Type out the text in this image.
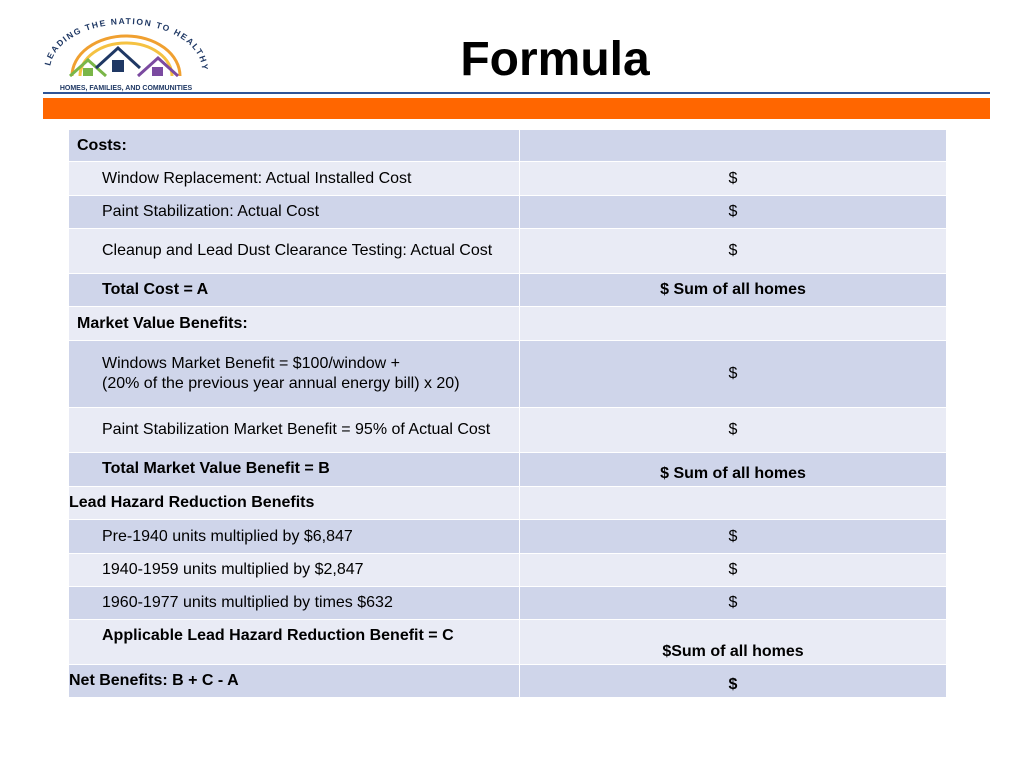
LEADING THE NATION TO HEALTHY
HOMES, FAMILIES, AND COMMUNITIES
Formula
Costs:	
Window Replacement: Actual Installed Cost	$
Paint Stabilization: Actual Cost	$
Cleanup and Lead Dust Clearance Testing: Actual Cost	$
Total Cost = A	$ Sum of all homes
Market Value Benefits:	

Windows Market Benefit = $100/window +
(20% of the previous year annual energy bill) x 20)	$
Paint Stabilization Market Benefit = 95% of Actual Cost	$
Total Market Value Benefit = B	$ Sum of all homes
Lead Hazard Reduction Benefits	
Pre-1940 units multiplied by $6,847	$
1940-1959 units multiplied by $2,847	$
1960-1977 units multiplied by times $632	$
Applicable Lead Hazard Reduction Benefit = C	$Sum of all homes
Net Benefits: B + C - A	$
